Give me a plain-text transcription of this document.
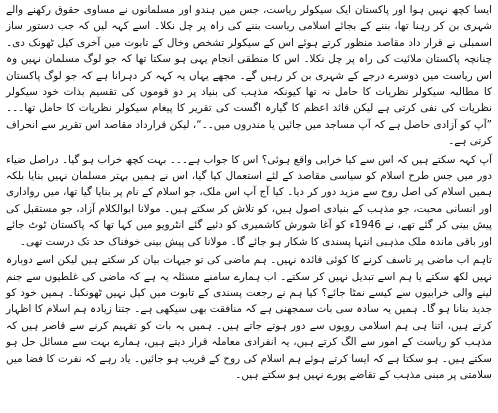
ایسا کچھ نہیں ہوا اور پاکستان ایک سیکولر ریاست، جس میں ہندو اور مسلمانوں نے مساوی حقوق رکھنے والے شہری بن کر رہنا تھا، بننے کے بجائے اسلامی ریاست بننے کی راہ پر چل نکلا۔ اسے کہہ لیں کہ جب دستور ساز اسمبلی نے قرار داد مقاصد منظور کرتے ہوئے اس کے سیکولر تشخص وخال کے تابوت میں آخری کیل ٹھونک دی۔ چنانچہ پاکستان ملائیت کی راہ پر چل نکلا۔ اس کا منطقی انجام یہی ہو سکتا تھا کہ جو لوگ مسلمان نہیں وہ اس ریاست میں دوسرے درجے کے شہری بن کر رہیں گے۔ مجھے یہاں یہ کہہ کر دہرانا ہے کہ جو لوگ پاکستان کا مطالبہ سیکولر نظریات کا حامل نہ تھا کیونکہ مذہب کی بنیاد پر دو قوموں کی تقسیم بذات خود سیکولر نظریات کی نفی کرتی ہے لیکن قائد اعظم کا گیارہ اگست کی تقریر کا پیغام سیکولر نظریات کا حامل تھا۔۔۔ ”آپ کو آزادی حاصل ہے کہ آپ مساجد میں جائیں یا مندروں میں۔۔“، لیکن قرارداد مقاصد اس تقریر سے انحراف کرتی ہے۔

آپ کہہ سکتے ہیں کہ اس سے کیا خرابی واقع ہوئی؟ اس کا جواب ہے۔۔۔ بہت کچھ خراب ہو گیا۔ دراصل ضیاء دور میں جس طرح اسلام کو سیاسی مقاصد کے لئے استعمال کیا گیا، اس نے ہمیں بہتر مسلمان نہیں بنایا بلکہ ہمیں اسلام کی اصل روح سے مزید دور کر دیا۔ کیا آج آپ اس ملک، جو اسلام کے نام پر بنایا گیا تھا، میں رواداری اور انسانی محبت، جو مذہب کے بنیادی اصول ہیں، کو تلاش کر سکتے ہیں۔ مولانا ابوالکلام آزاد، جو مستقبل کی پیش بینی کر گئے تھے، نے 1946ء کو آغا شورش کاشمیری کو دئیے گئے انٹرویو میں کہا تھا کہ پاکستان ٹوٹ جائے اور باقی ماندہ ملک مذہبی انتہا پسندی کا شکار ہو جائے گا۔ مولانا کی پیش بینی خوفناک حد تک درست تھی۔

تاہم اب ماضی پر تاسف کرنے کا کوئی فائدہ نہیں۔ ہم ماضی کی تو جیہات بیان کر سکتے ہیں لیکن اسے دوبارہ نہیں لکھ سکتے یا ہم اسے تبدیل نہیں کر سکتے۔ اب ہمارے سامنے مسئلہ یہ ہے کہ ماضی کی غلطیوں سے جنم لینے والی خرابیوں سے کیسے نمٹا جائے؟ کیا ہم نے رجعت پسندی کے تابوت میں کیل نہیں ٹھونکنا۔ ہمیں خود کو جدید بنانا ہو گا۔ ہمیں یہ سادہ سی بات سمجھنی ہے کہ منافقت بھی سیکھی ہے۔ جتنا زیادہ ہم اسلام کا اظہار کرتے ہیں، اتنا ہی ہم اسلامی رویوں سے دور ہوتے جاتے ہیں۔ ہمیں یہ بات کو تفہیم کرنے سے قاصر ہیں کہ مذہب کو ریاست کے امور سے الگ کرتے ہیں، یہ انفرادی معاملہ قرار دیتے ہیں، ہمارے بہت سے مسائل حل ہو سکتے ہیں۔ ہو سکتا ہے کہ ایسا کرتے ہوئے ہم اسلام کی روح کے قریب ہو جائیں۔ یاد رہے کہ نفرت کا فضا میں سلامتی پر مبنی مذہب کے تقاضے پورے نہیں ہو سکتے ہیں۔
